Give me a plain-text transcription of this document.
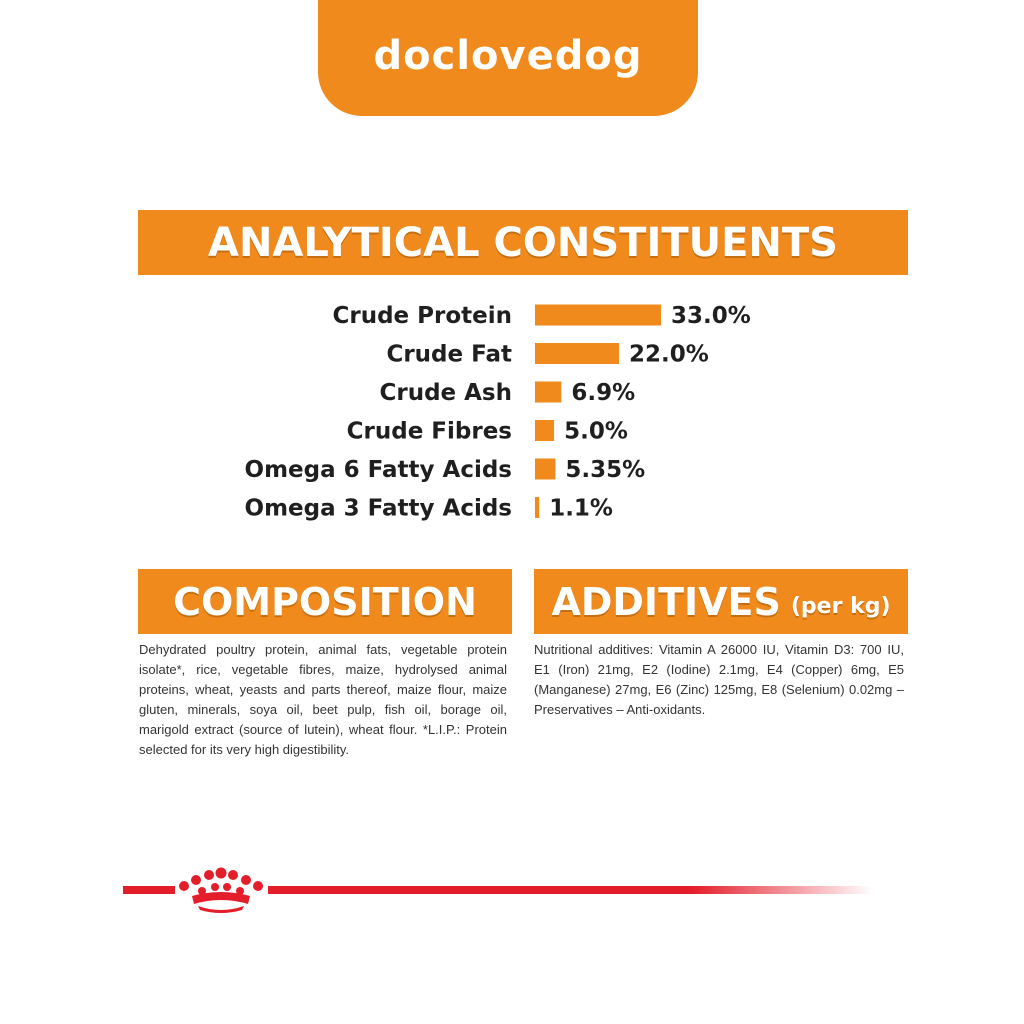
doclovedog
ANALYTICAL CONSTITUENTS
Crude Protein	33.0%
Crude Fat	22.0%
Crude Ash	6.9%
Crude Fibres 5.0%
Omega 6 Fatty Acids 5.35%
Omega 3 Fatty Acids 1.1%
COMPOSITION ADDITIVES (per kg)

Dehydrated poultry protein, animal fats, vegetable protein isolate*, rice, vegetable fibres, maize, hydrolysed animal proteins, wheat, yeasts and parts thereof, maize flour, maize gluten, minerals, soya oil, beet pulp, fish oil, borage oil, marigold extract (source of lutein), wheat flour. *L.I.P.: Protein selected for its very high digestibility.

Nutritional additives: Vitamin A 26000 IU, Vitamin D3: 700 IU, E1 (Iron) 21mg, E2 (Iodine) 2.1mg, E4 (Copper) 6mg, E5 (Manganese) 27mg, E6 (Zinc) 125mg, E8 (Selenium) 0.02mg – Preservatives – Anti-oxidants.
